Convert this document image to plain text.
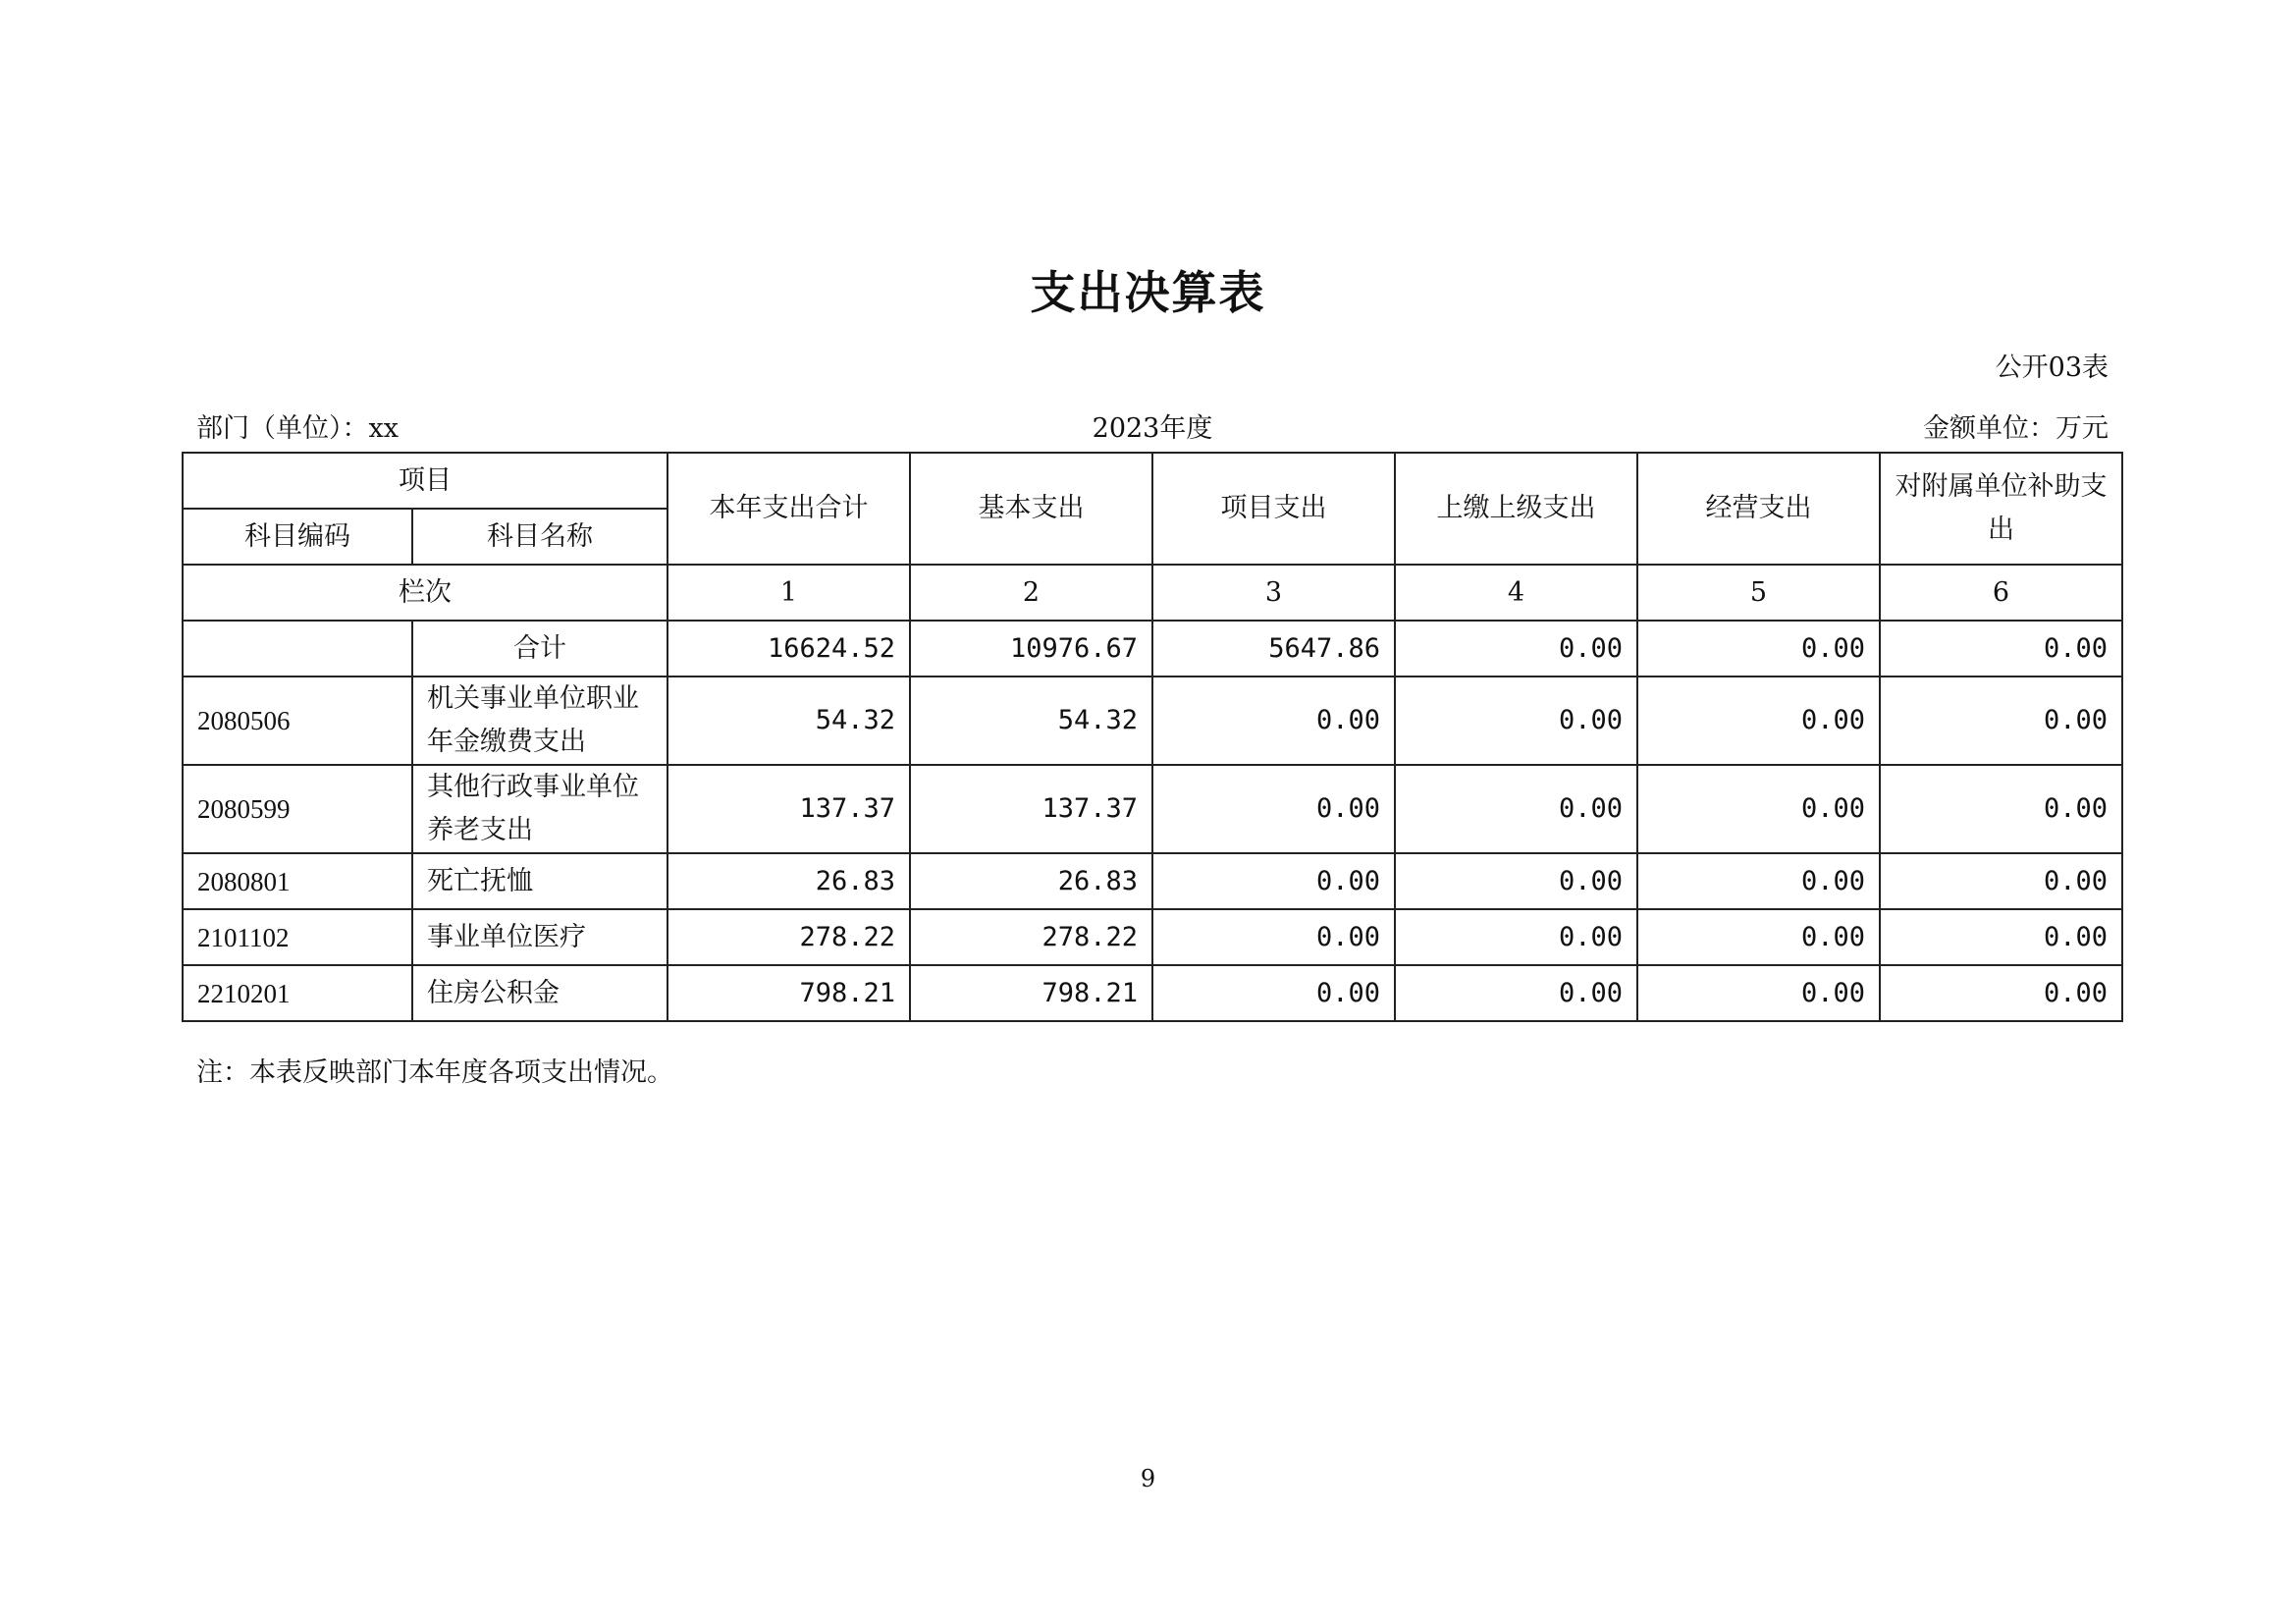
支出决算表
公开03表
部门（单位）：xx	2023年度	金额单位：万元
项目		本年支出合计	基本支出	项目支出	上缴上级支出	经营支出	对附属单位补助支出
科目编码	科目名称						
栏次		1	2	3	4	5	6
	合计	16624.52	10976.67	5647.86	0.00	0.00	0.00
2080506	机关事业单位职业年金缴费支出	54.32	54.32	0.00	0.00	0.00	0.00
2080599	其他行政事业单位养老支出	137.37	137.37	0.00	0.00	0.00	0.00
2080801	死亡抚恤	26.83	26.83	0.00	0.00	0.00	0.00
2101102	事业单位医疗	278.22	278.22	0.00	0.00	0.00	0.00
2210201	住房公积金	798.21	798.21	0.00	0.00	0.00	0.00
注：本表反映部门本年度各项支出情况。
9
